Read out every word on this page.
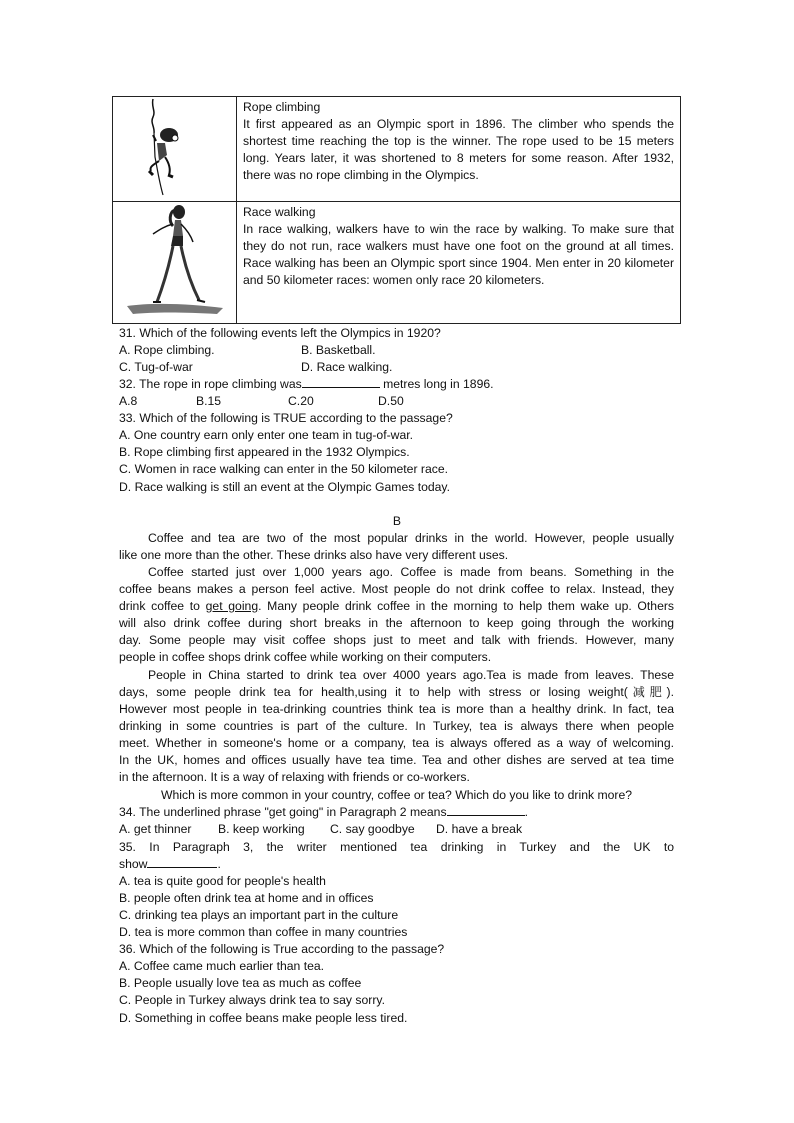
Rope climbing
It first appeared as an Olympic sport in 1896. The climber who spends the shortest time reaching the top is the winner. The rope used to be 15 meters long. Years later, it was shortened to 8 meters for some reason. After 1932, there was no rope climbing in the Olympics.

Race walking
In race walking, walkers have to win the race by walking. To make sure that they do not run, race walkers must have one foot on the ground at all times. Race walking has been an Olympic sport since 1904. Men enter in 20 kilometer and 50 kilometer races: women only race 20 kilometers.
31. Which of the following events left the Olympics in 1920?
A. Rope climbing.	B. Basketball.
C. Tug-of-war	D. Race walking.
32. The rope in rope climbing was	metres long in 1896.
A.8	B.15	C.20	D.50
33. Which of the following is TRUE according to the passage?
A. One country earn only enter one team in tug-of-war.
B. Rope climbing first appeared in the 1932 Olympics.
C. Women in race walking can enter in the 50 kilometer race.
D. Race walking is still an event at the Olympic Games today.
B
Coffee and tea are two of the most popular drinks in the world. However, people usually
like one more than the other. These drinks also have very different uses.
Coffee started just over 1,000 years ago. Coffee is made from beans. Something in the
coffee beans makes a person feel active. Most people do not drink coffee to relax. Instead, they
drink coffee to get going. Many people drink coffee in the morning to help them wake up. Others
will also drink coffee during short breaks in the afternoon to keep going through the working
day. Some people may visit coffee shops just to meet and talk with friends. However, many
people in coffee shops drink coffee while working on their computers.
People in China started to drink tea over 4000 years ago.Tea is made from leaves. These
days, some people drink tea for health,using it to help with stress or losing weight(减肥).
However most people in tea-drinking countries think tea is more than a healthy drink. In fact, tea
drinking in some countries is part of the culture. In Turkey, tea is always there when people
meet. Whether in someone's home or a company, tea is always offered as a way of welcoming.
In the UK, homes and offices usually have tea time. Tea and other dishes are served at tea time
in the afternoon. It is a way of relaxing with friends or co-workers.
Which is more common in your country, coffee or tea? Which do you like to drink more?
34. The underlined phrase "get going" in Paragraph 2 means	.
A. get thinner B. keep working C. say goodbye D. have a break
35. In Paragraph 3, the writer mentioned tea drinking in Turkey and the UK to
show	.
A. tea is quite good for people's health
B. people often drink tea at home and in offices
C. drinking tea plays an important part in the culture
D. tea is more common than coffee in many countries
36. Which of the following is True according to the passage?
A. Coffee came much earlier than tea.
B. People usually love tea as much as coffee
C. People in Turkey always drink tea to say sorry.
D. Something in coffee beans make people less tired.
